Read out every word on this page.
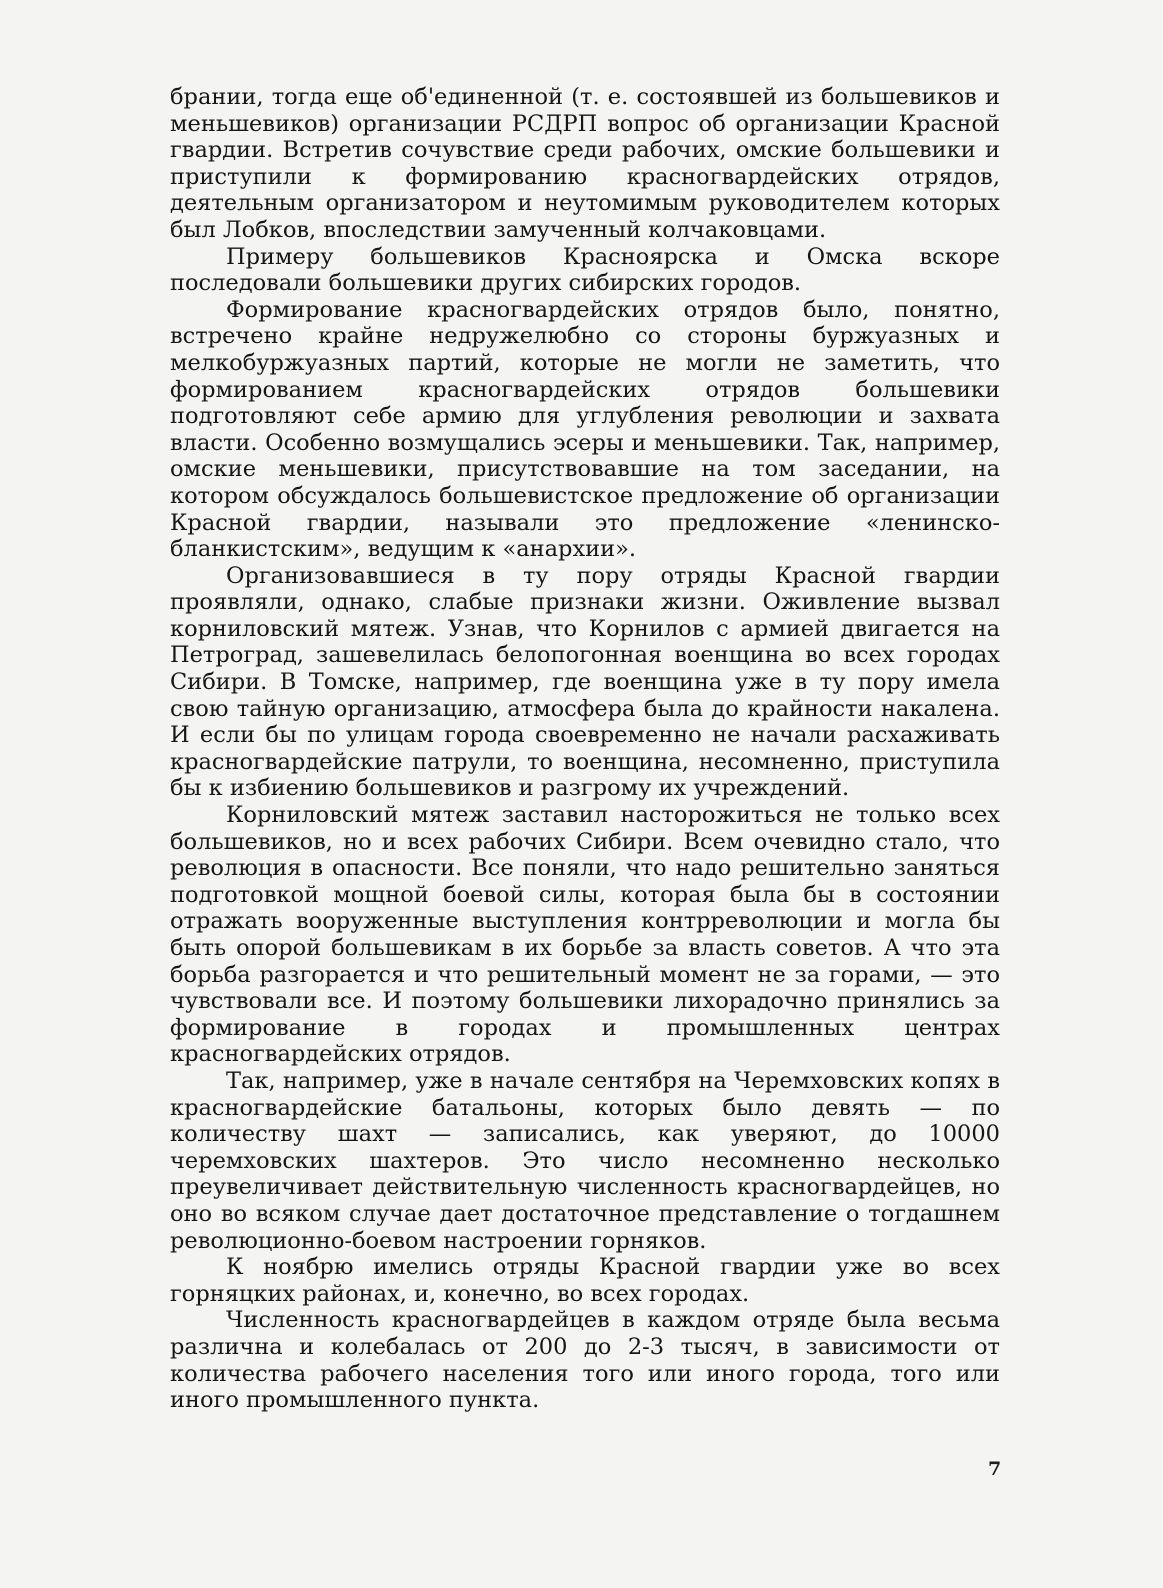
брании, тогда еще об'единенной (т. е. состоявшей из большевиков и меньшевиков) организации РСДРП вопрос об организации Красной гвардии. Встретив сочувствие среди рабочих, омские большевики и приступили к формированию красногвардейских отрядов, деятельным организатором и неутомимым руководителем которых был Лобков, впоследствии замученный колчаковцами.

Примеру большевиков Красноярска и Омска вскоре последовали большевики других сибирских городов.

Формирование красногвардейских отрядов было, понятно, встречено крайне недружелюбно со стороны буржуазных и мелкобуржуазных партий, которые не могли не заметить, что формированием красногвардейских отрядов большевики подготовляют себе армию для углубления революции и захвата власти. Особенно возмущались эсеры и меньшевики. Так, например, омские меньшевики, присутствовавшие на том заседании, на котором обсуждалось большевистское предложение об организации Красной гвардии, называли это предложение «ленинско-бланкистским», ведущим к «анархии».

Организовавшиеся в ту пору отряды Красной гвардии проявляли, однако, слабые признаки жизни. Оживление вызвал корниловский мятеж. Узнав, что Корнилов с армией двигается на Петроград, зашевелилась белопогонная военщина во всех городах Сибири. В Томске, например, где военщина уже в ту пору имела свою тайную организацию, атмосфера была до крайности накалена. И если бы по улицам города своевременно не начали расхаживать красногвардейские патрули, то военщина, несомненно, приступила бы к избиению большевиков и разгрому их учреждений.

Корниловский мятеж заставил насторожиться не только всех большевиков, но и всех рабочих Сибири. Всем очевидно стало, что революция в опасности. Все поняли, что надо решительно заняться подготовкой мощной боевой силы, которая была бы в состоянии отражать вооруженные выступления контрреволюции и могла бы быть опорой большевикам в их борьбе за власть советов. А что эта борьба разгорается и что решительный момент не за горами, — это чувствовали все. И поэтому большевики лихорадочно принялись за формирование в городах и промышленных центрах красногвардейских отрядов.

Так, например, уже в начале сентября на Черемховских копях в красногвардейские батальоны, которых было девять — по количеству шахт — записались, как уверяют, до 10000 черемховских шахтеров. Это число несомненно несколько преувеличивает действительную численность красногвардейцев, но оно во всяком случае дает достаточное представление о тогдашнем революционно-боевом настроении горняков.

К ноябрю имелись отряды Красной гвардии уже во всех горняцких районах, и, конечно, во всех городах.

Численность красногвардейцев в каждом отряде была весьма различна и колебалась от 200 до 2-3 тысяч, в зависимости от количества рабочего населения того или иного города, того или иного промышленного пункта.

7
